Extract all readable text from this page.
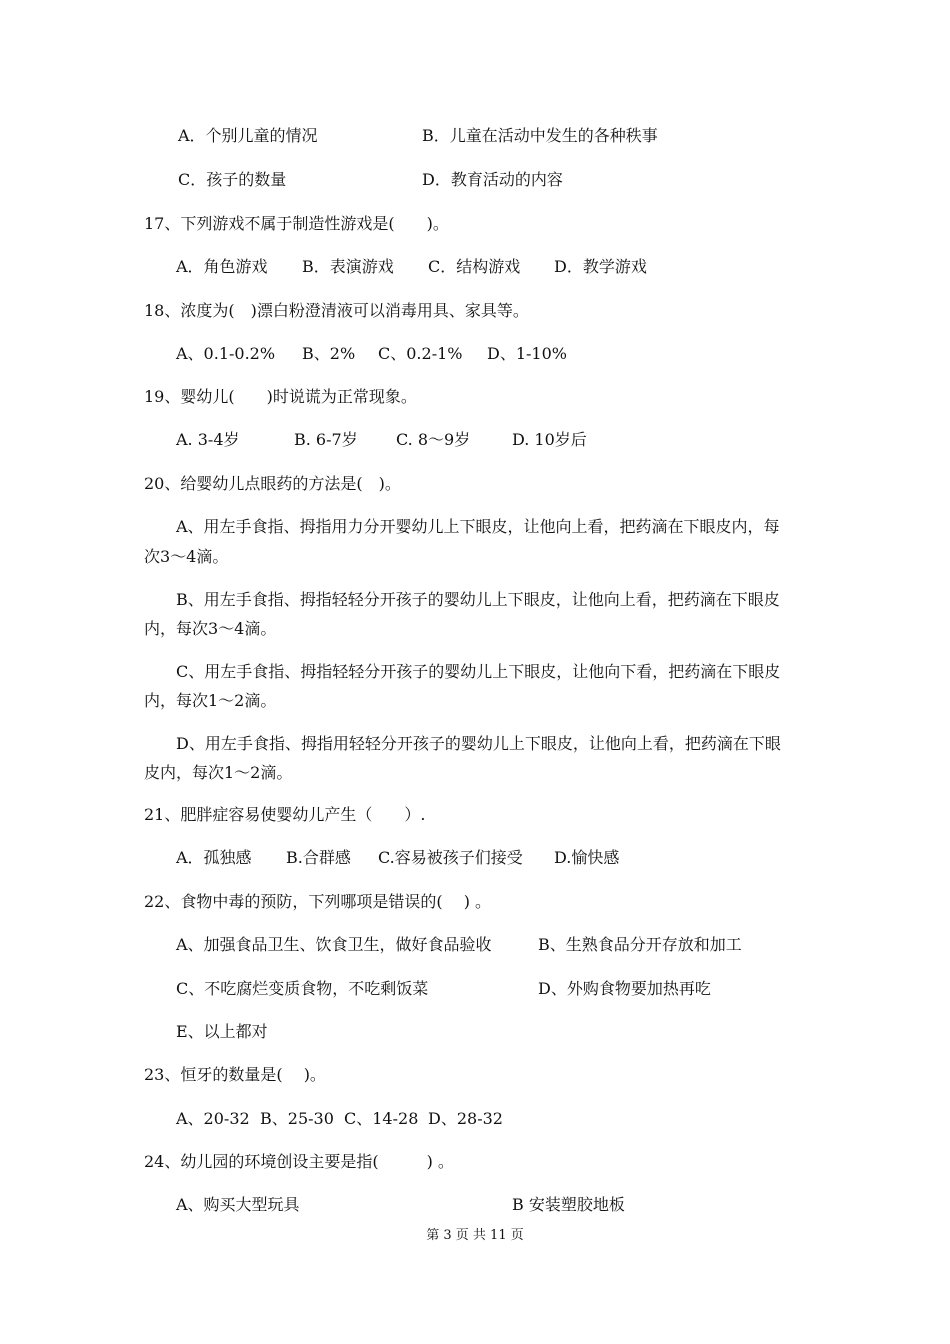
A．个别儿童的情况	B．儿童在活动中发生的各种秩事
C．孩子的数量	D．教育活动的内容
17、下列游戏不属于制造性游戏是(　　)。
A．角色游戏 B．表演游戏 C．结构游戏 D．教学游戏
18、浓度为(　)漂白粉澄清液可以消毒用具、家具等。
A、0.1-0.2% B、2% C、0.2-1% D、1-10%
19、婴幼儿(　　)时说谎为正常现象。
A. 3-4岁	B. 6-7岁 C. 8～9岁	D. 10岁后
20、给婴幼儿点眼药的方法是(　)。
A、用左手食指、拇指用力分开婴幼儿上下眼皮，让他向上看，把药滴在下眼皮内，每
次3～4滴。
B、用左手食指、拇指轻轻分开孩子的婴幼儿上下眼皮，让他向上看，把药滴在下眼皮
内，每次3～4滴。
C、用左手食指、拇指轻轻分开孩子的婴幼儿上下眼皮，让他向下看，把药滴在下眼皮
内，每次1～2滴。
D、用左手食指、拇指用轻轻分开孩子的婴幼儿上下眼皮，让他向上看，把药滴在下眼
皮内，每次1～2滴。
21、肥胖症容易使婴幼儿产生（　　）.
A．孤独感 B.合群感 C.容易被孩子们接受 D.愉快感
22、食物中毒的预防，下列哪项是错误的(　 ) 。
A、加强食品卫生、饮食卫生，做好食品验收	B、生熟食品分开存放和加工
C、不吃腐烂变质食物，不吃剩饭菜	D、外购食物要加热再吃
E、以上都对
23、恒牙的数量是(　 )。
A、20-32 B、25-30 C、14-28 D、28-32
24、幼儿园的环境创设主要是指(　　　) 。
A、购买大型玩具	B 安装塑胶地板
第 3 页 共 11 页
